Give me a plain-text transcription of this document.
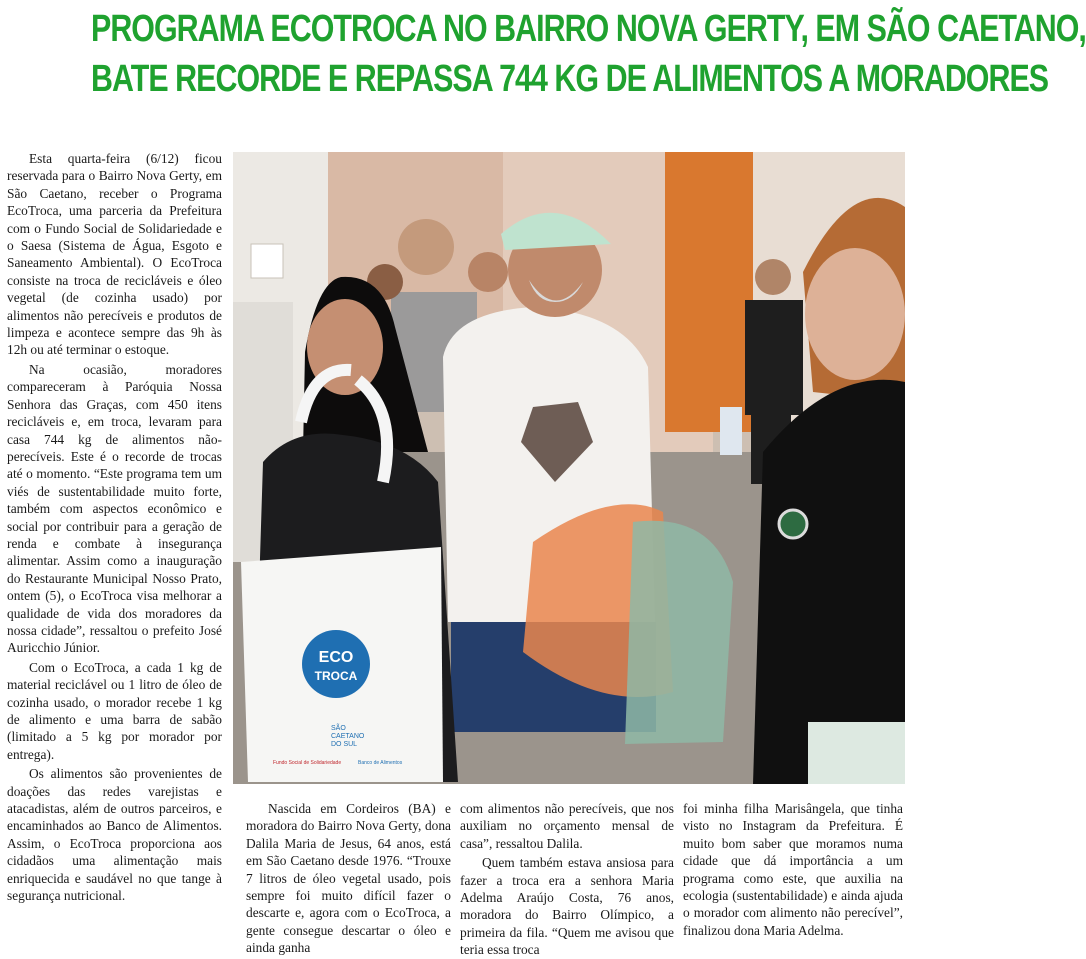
PROGRAMA ECOTROCA NO BAIRRO NOVA GERTY, EM SÃO CAETANO,
BATE RECORDE E REPASSA 744 KG DE ALIMENTOS A MORADORES

Esta quarta-feira (6/12) ficou reservada para o Bairro Nova Gerty, em São Caetano, receber o Programa EcoTroca, uma parceria da Prefeitura com o Fundo Social de Solidariedade e o Saesa (Sistema de Água, Esgoto e Saneamento Ambiental). O EcoTroca consiste na troca de recicláveis e óleo vegetal (de cozinha usado) por alimentos não perecíveis e produtos de limpeza e acontece sempre das 9h às 12h ou até terminar o estoque.

Na ocasião, moradores compareceram à Paróquia Nossa Senhora das Graças, com 450 itens recicláveis e, em troca, levaram para casa 744 kg de alimentos não-perecíveis. Este é o recorde de trocas até o momento. “Este programa tem um viés de sustentabilidade muito forte, também com aspectos econômico e social por contribuir para a geração de renda e combate à insegurança alimentar. Assim como a inauguração do Restaurante Municipal Nosso Prato, ontem (5), o EcoTroca visa melhorar a qualidade de vida dos moradores da nossa cidade”, ressaltou o prefeito José Auricchio Júnior.

Com o EcoTroca, a cada 1 kg de material reciclável ou 1 litro de óleo de cozinha usado, o morador recebe 1 kg de alimento e uma barra de sabão (limitado a 5 kg por morador por entrega).

Os alimentos são provenientes de doações das redes varejistas e atacadistas, além de outros parceiros, e encaminhados ao Banco de Alimentos. Assim, o EcoTroca proporciona aos cidadãos uma alimentação mais enriquecida e saudável no que tange à segurança nutricional.

ECO
TROCA
SÃO
CAETANO
DO SUL
Fundo Social de Solidariedade	Banco de Alimentos

Nascida em Cordeiros (BA) e moradora do Bairro Nova Gerty, dona Dalila Maria de Jesus, 64 anos, está em São Caetano desde 1976. “Trouxe 7 litros de óleo vegetal usado, pois sempre foi muito difícil fazer o descarte e, agora com o EcoTroca, a gente consegue descartar o óleo e ainda ganha

com alimentos não perecíveis, que nos auxiliam no orçamento mensal de casa”, ressaltou Dalila.

Quem também estava ansiosa para fazer a troca era a senhora Maria Adelma Araújo Costa, 76 anos, moradora do Bairro Olímpico, a primeira da fila. “Quem me avisou que teria essa troca

foi minha filha Marisângela, que tinha visto no Instagram da Prefeitura. É muito bom saber que moramos numa cidade que dá importância a um programa como este, que auxilia na ecologia (sustentabilidade) e ainda ajuda o morador com alimento não perecível”, finalizou dona Maria Adelma.
